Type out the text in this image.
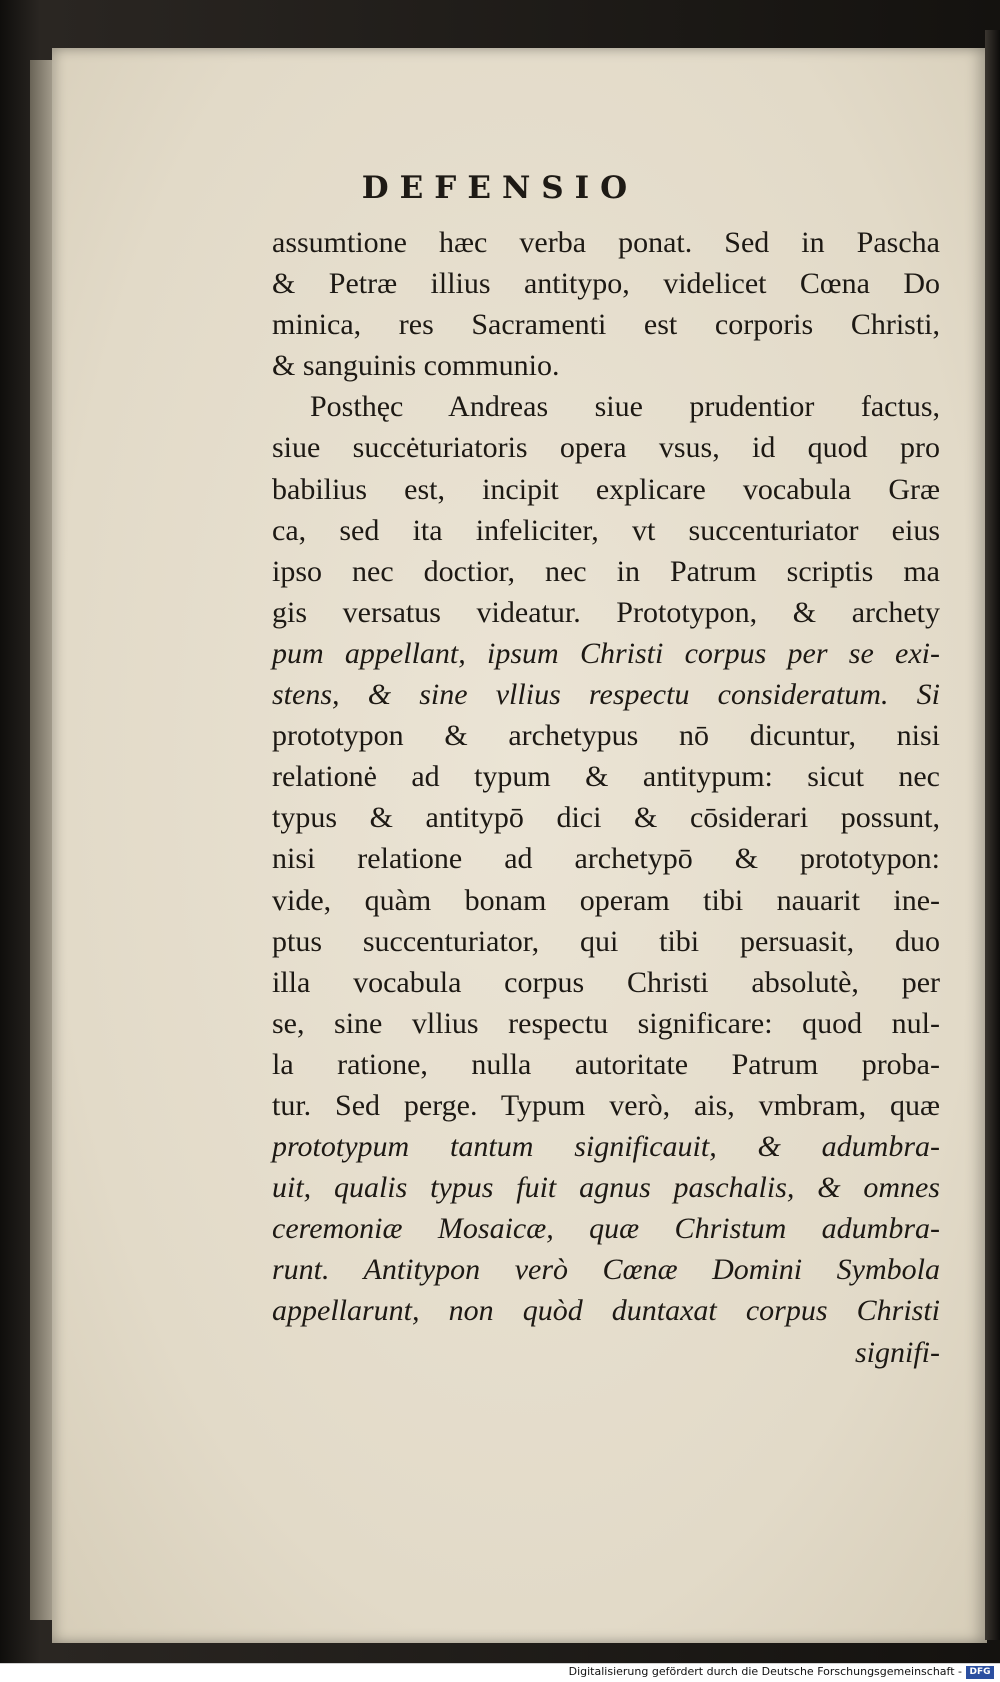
DEFENSIO
assumtione hæc verba ponat. Sed in Pascha
& Petræ illius antitypo, videlicet Cœna Do
minica, res Sacramenti est corporis Christi,
& sanguinis communio.
Posthęc Andreas siue prudentior factus,
siue succėturiatoris opera vsus, id quod pro
babilius est, incipit explicare vocabula Græ
ca, sed ita infeliciter, vt succenturiator eius
ipso nec doctior, nec in Patrum scriptis ma
gis versatus videatur. Prototypon, & archety
pum appellant, ipsum Christi corpus per se exi-
stens, & sine vllius respectu consideratum. Si
prototypon & archetypus nō dicuntur, nisi
relationė ad typum & antitypum: sicut nec
typus & antitypō dici & cōsiderari possunt,
nisi relatione ad archetypō & prototypon:
vide, quàm bonam operam tibi nauarit ine-
ptus succenturiator, qui tibi persuasit, duo
illa vocabula corpus Christi absolutè, per
se, sine vllius respectu significare: quod nul-
la ratione, nulla autoritate Patrum proba-
tur. Sed perge. Typum verò, ais, vmbram, quæ
prototypum tantum significauit, & adumbra-
uit, qualis typus fuit agnus paschalis, & omnes
ceremoniæ Mosaicæ, quæ Christum adumbra-
runt. Antitypon verò Cœnæ Domini Symbola
appellarunt, non quòd duntaxat corpus Christi
signifi-
Digitalisierung gefördert durch die Deutsche Forschungsgemeinschaft - DFG
